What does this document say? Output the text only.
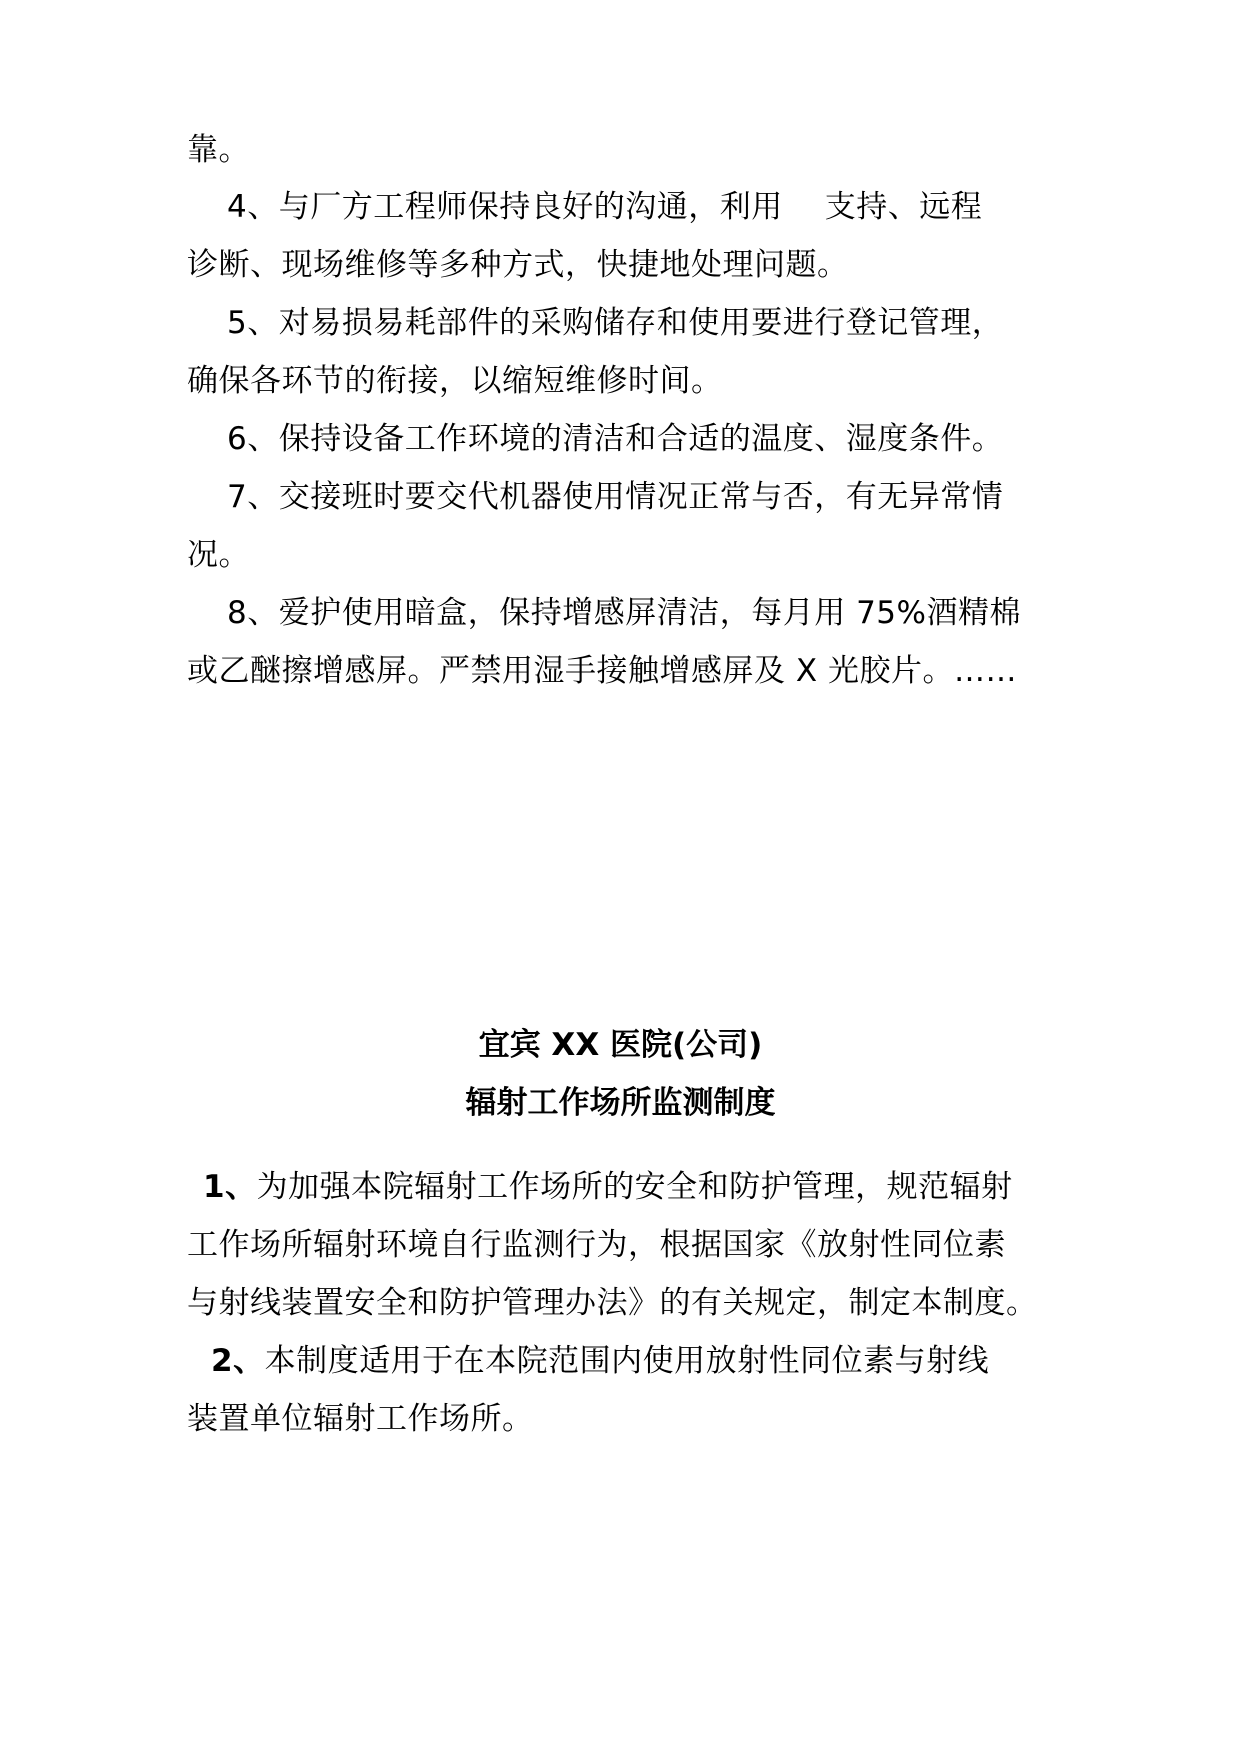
靠。
4、与厂方工程师保持良好的沟通，利用 支持、远程
诊断、现场维修等多种方式，快捷地处理问题。
5、对易损易耗部件的采购储存和使用要进行登记管理，
确保各环节的衔接，以缩短维修时间。
6、保持设备工作环境的清洁和合适的温度、湿度条件。
7、交接班时要交代机器使用情况正常与否，有无异常情
况。
8、爱护使用暗盒，保持增感屏清洁，每月用 75%酒精棉
或乙醚擦增感屏。严禁用湿手接触增感屏及 X 光胶片。……
宜宾 XX 医院(公司)
辐射工作场所监测制度
1、为加强本院辐射工作场所的安全和防护管理，规范辐射
工作场所辐射环境自行监测行为，根据国家《放射性同位素
与射线装置安全和防护管理办法》的有关规定，制定本制度。
2、本制度适用于在本院范围内使用放射性同位素与射线
装置单位辐射工作场所。
